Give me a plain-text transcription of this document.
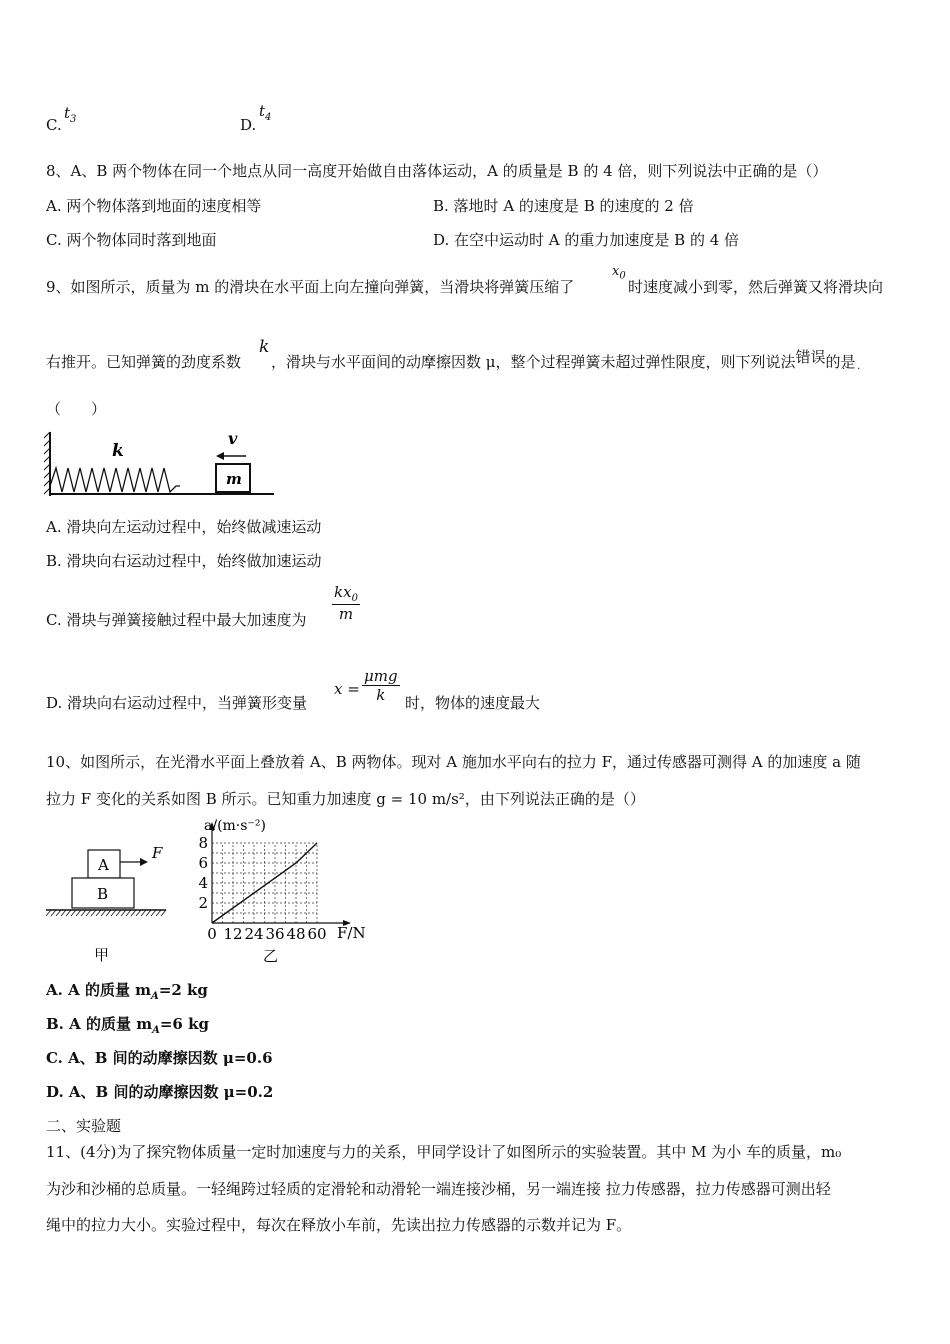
C.
$t_3$	D.
$t_4$
8、A、B 两个物体在同一个地点从同一高度开始做自由落体运动，A 的质量是 B 的 4 倍，则下列说法中正确的是（）
A. 两个物体落到地面的速度相等	B. 落地时 A 的速度是 B 的速度的 2 倍
C. 两个物体同时落到地面	D. 在空中运动时 A 的重力加速度是 B 的 4 倍
9、如图所示，质量为 m 的滑块在水平面上向左撞向弹簧，当滑块将弹簧压缩了
$x_0$
时速度减小到零，然后弹簧又将滑块向
右推开。已知弹簧的劲度系数
k
，滑块与水平面间的动摩擦因数 μ，整个过程弹簧未超过弹性限度，则下列说法错误的是
··
（　　）
k
m
v
A. 滑块向左运动过程中，始终做减速运动
B. 滑块向右运动过程中，始终做加速运动
C. 滑块与弹簧接触过程中最大加速度为 $\frac{kx_0}{m}$
D. 滑块向右运动过程中，当弹簧形变量
x =
μmg
k	时，物体的速度最大
10、如图所示，在光滑水平面上叠放着 A、B 两物体。现对 A 施加水平向右的拉力 F，通过传感器可测得 A 的加速度 a 随
拉力 F 变化的关系如图 B 所示。已知重力加速度 g = 10 m/s²，由下列说法正确的是（）
A
B
F
甲
0 12 24 36 48 60
2
4
6
8
a/(m·s⁻²)
F/N
乙
A. A 的质量 $m_A=2$ kg
B. A 的质量 $m_A=6$ kg
C. A、B 间的动摩擦因数 μ=0.6
D. A、B 间的动摩擦因数 μ=0.2
二、实验题
11、(4分)为了探究物体质量一定时加速度与力的关系，甲同学设计了如图所示的实验装置。其中 M 为小 车的质量，m₀
为沙和沙桶的总质量。一轻绳跨过轻质的定滑轮和动滑轮一端连接沙桶，另一端连接 拉力传感器，拉力传感器可测出轻
绳中的拉力大小。实验过程中，每次在释放小车前，先读出拉力传感器的示数并记为 F。
